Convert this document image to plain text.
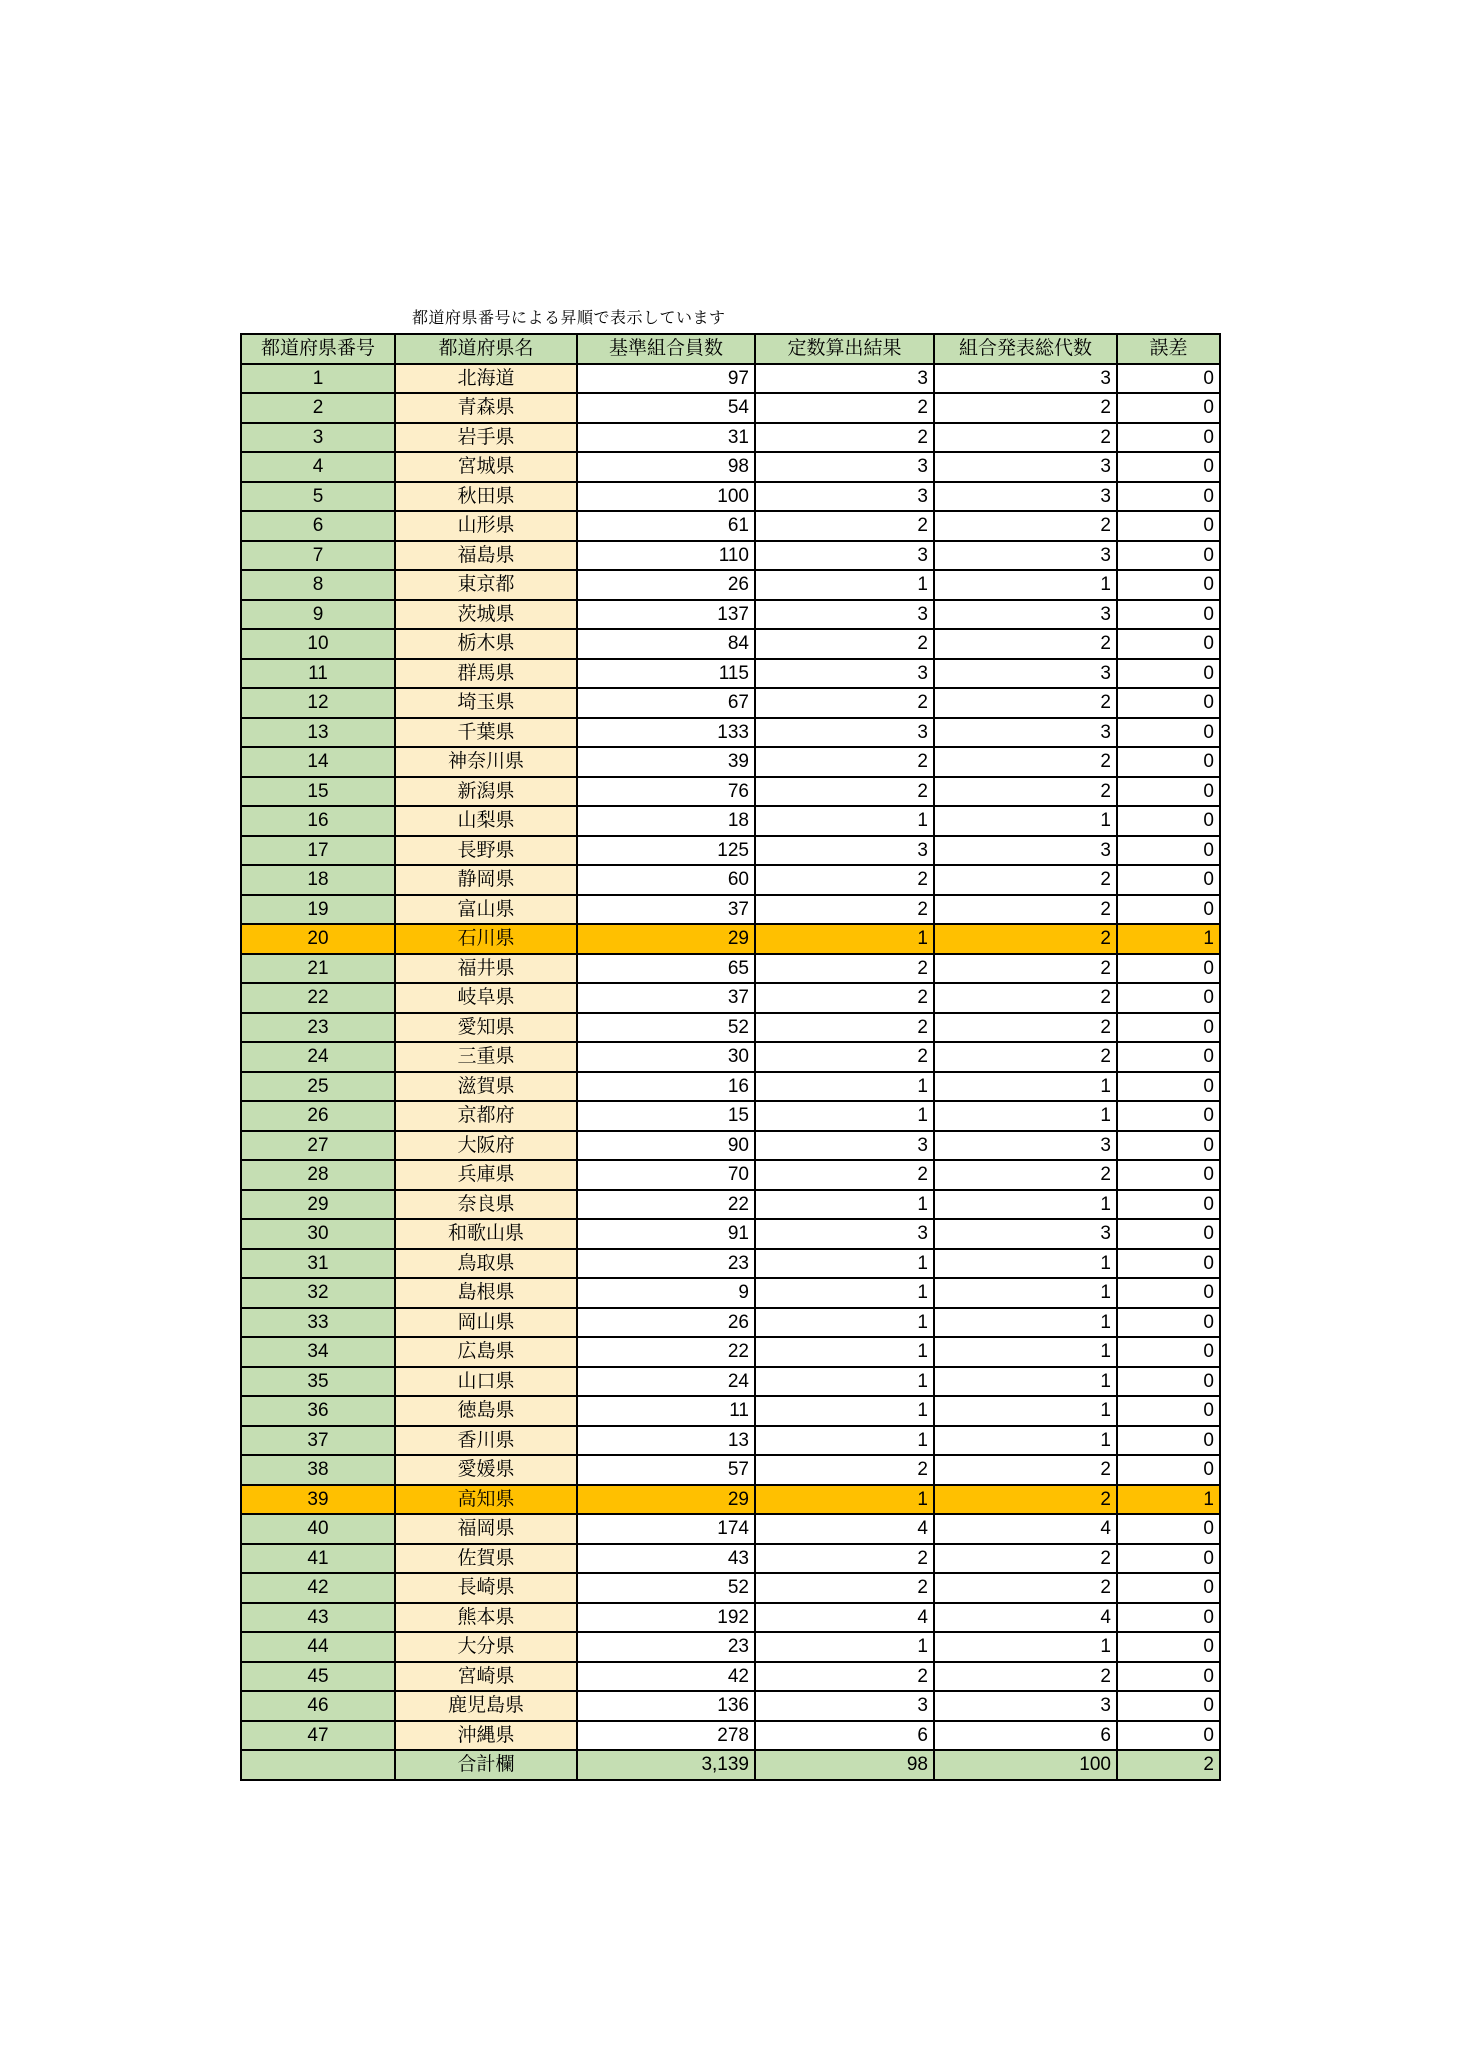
都道府県番号による昇順で表示しています
都道府県番号	都道府県名	基準組合員数	定数算出結果	組合発表総代数	誤差
1	北海道	97	3	3	0
2	青森県	54	2	2	0
3	岩手県	31	2	2	0
4	宮城県	98	3	3	0
5	秋田県	100	3	3	0
6	山形県	61	2	2	0
7	福島県	110	3	3	0
8	東京都	26	1	1	0
9	茨城県	137	3	3	0
10	栃木県	84	2	2	0
11	群馬県	115	3	3	0
12	埼玉県	67	2	2	0
13	千葉県	133	3	3	0
14	神奈川県	39	2	2	0
15	新潟県	76	2	2	0
16	山梨県	18	1	1	0
17	長野県	125	3	3	0
18	静岡県	60	2	2	0
19	富山県	37	2	2	0
20	石川県	29	1	2	1
21	福井県	65	2	2	0
22	岐阜県	37	2	2	0
23	愛知県	52	2	2	0
24	三重県	30	2	2	0
25	滋賀県	16	1	1	0
26	京都府	15	1	1	0
27	大阪府	90	3	3	0
28	兵庫県	70	2	2	0
29	奈良県	22	1	1	0
30	和歌山県	91	3	3	0
31	鳥取県	23	1	1	0
32	島根県	9	1	1	0
33	岡山県	26	1	1	0
34	広島県	22	1	1	0
35	山口県	24	1	1	0
36	徳島県	11	1	1	0
37	香川県	13	1	1	0
38	愛媛県	57	2	2	0
39	高知県	29	1	2	1
40	福岡県	174	4	4	0
41	佐賀県	43	2	2	0
42	長崎県	52	2	2	0
43	熊本県	192	4	4	0
44	大分県	23	1	1	0
45	宮崎県	42	2	2	0
46	鹿児島県	136	3	3	0
47	沖縄県	278	6	6	0
	合計欄	3,139	98	100	2
